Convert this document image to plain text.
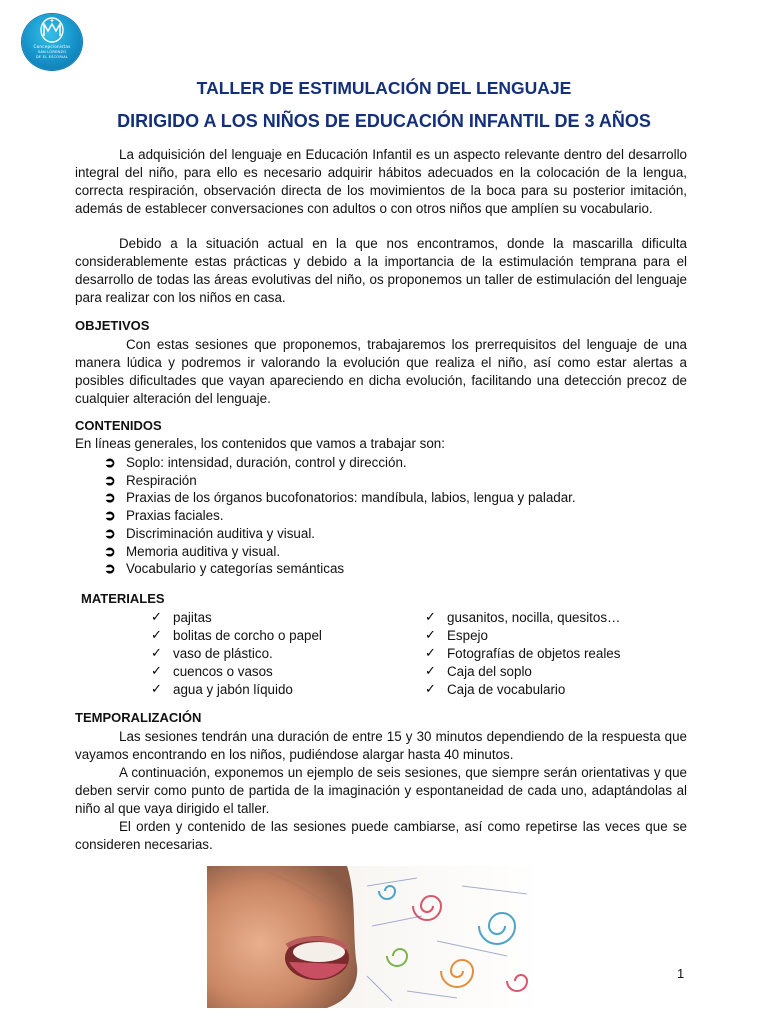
Concepcionistas
SAN LORENZO
DE EL ESCORIAL
TALLER DE ESTIMULACIÓN DEL LENGUAJE
DIRIGIDO A LOS NIÑOS DE EDUCACIÓN INFANTIL DE 3 AÑOS

La adquisición del lenguaje en Educación Infantil es un aspecto relevante dentro del desarrollo integral del niño, para ello es necesario adquirir hábitos adecuados en la colocación de la lengua, correcta respiración, observación directa de los movimientos de la boca para su posterior imitación, además de establecer conversaciones con adultos o con otros niños que amplíen su vocabulario.

Debido a la situación actual en la que nos encontramos, donde la mascarilla dificulta considerablemente estas prácticas y debido a la importancia de la estimulación temprana para el desarrollo de todas las áreas evolutivas del niño, os proponemos un taller de estimulación del lenguaje para realizar con los niños en casa.

OBJETIVOS

Con estas sesiones que proponemos, trabajaremos los prerrequisitos del lenguaje de una manera lúdica y podremos ir valorando la evolución que realiza el niño, así como estar alertas a posibles dificultades que vayan apareciendo en dicha evolución, facilitando una detección precoz de cualquier alteración del lenguaje.

CONTENIDOS

En líneas generales, los contenidos que vamos a trabajar son:

➲ Soplo: intensidad, duración, control y dirección.
➲ Respiración
➲ Praxias de los órganos bucofonatorios: mandíbula, labios, lengua y paladar.
➲ Praxias faciales.
➲ Discriminación auditiva y visual.
➲ Memoria auditiva y visual.
➲ Vocabulario y categorías semánticas
MATERIALES
✓ pajitas
✓ bolitas de corcho o papel
✓ vaso de plástico.
✓ cuencos o vasos
✓ agua y jabón líquido
✓ gusanitos, nocilla, quesitos…
✓ Espejo
✓ Fotografías de objetos reales
✓ Caja del soplo
✓ Caja de vocabulario
TEMPORALIZACIÓN

Las sesiones tendrán una duración de entre 15 y 30 minutos dependiendo de la respuesta que vayamos encontrando en los niños, pudiéndose alargar hasta 40 minutos.

A continuación, exponemos un ejemplo de seis sesiones, que siempre serán orientativas y que deben servir como punto de partida de la imaginación y espontaneidad de cada uno, adaptándolas al niño al que vaya dirigido el taller.

El orden y contenido de las sesiones puede cambiarse, así como repetirse las veces que se consideren necesarias.

1
